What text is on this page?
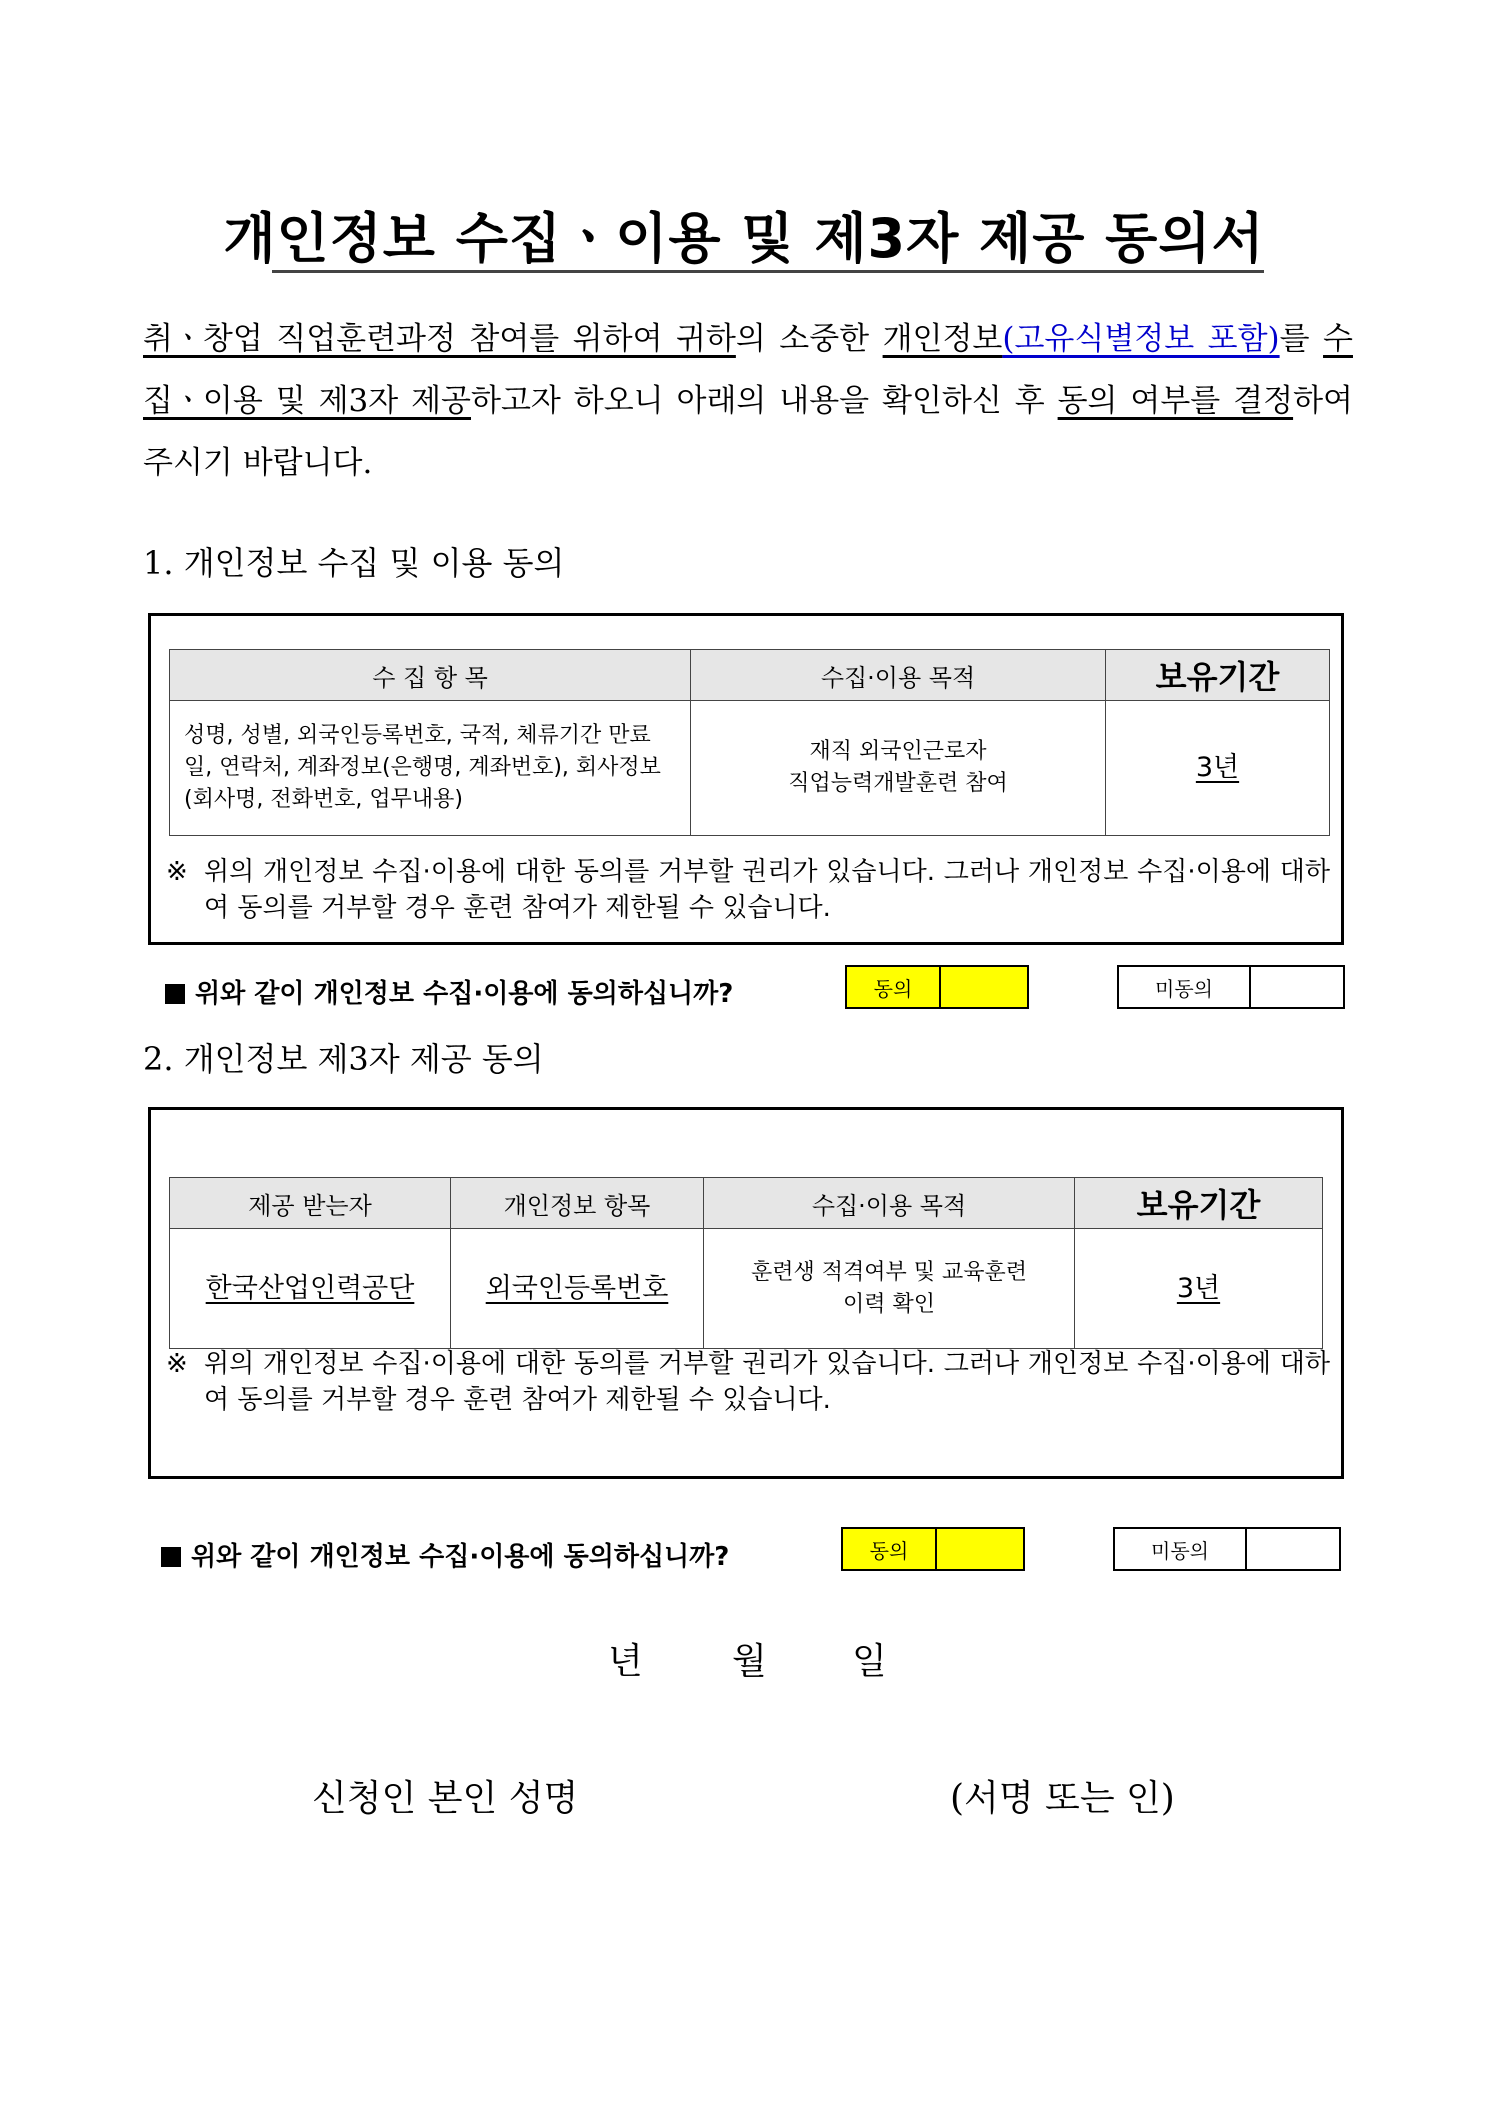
개인정보 수집ㆍ이용 및 제3자 제공 동의서
취ㆍ창업 직업훈련과정 참여를 위하여 귀하의 소중한 개인정보(고유식별정보 포함)를 수집ㆍ이용 및 제3자 제공하고자 하오니 아래의 내용을 확인하신 후 동의 여부를 결정하여 주시기 바랍니다.
1. 개인정보 수집 및 이용 동의
수 집 항 목	수집·이용 목적	보유기간
성명, 성별, 외국인등록번호, 국적, 체류기간 만료일, 연락처, 계좌정보(은행명, 계좌번호), 회사정보(회사명, 전화번호, 업무내용)	재직 외국인근로자
직업능력개발훈련 참여	3년
※ 위의 개인정보 수집·이용에 대한 동의를 거부할 권리가 있습니다. 그러나 개인정보 수집·이용에 대하여 동의를 거부할 경우 훈련 참여가 제한될 수 있습니다.
위와 같이 개인정보 수집·이용에 동의하십니까?	동의	미동의
2. 개인정보 제3자 제공 동의
제공 받는자	개인정보 항목	수집·이용 목적	보유기간
한국산업인력공단	외국인등록번호	훈련생 적격여부 및 교육훈련
이력 확인	3년
※ 위의 개인정보 수집·이용에 대한 동의를 거부할 권리가 있습니다. 그러나 개인정보 수집·이용에 대하여 동의를 거부할 경우 훈련 참여가 제한될 수 있습니다.
위와 같이 개인정보 수집·이용에 동의하십니까?	동의	미동의
년 월 일
신청인 본인 성명	(서명 또는 인)
